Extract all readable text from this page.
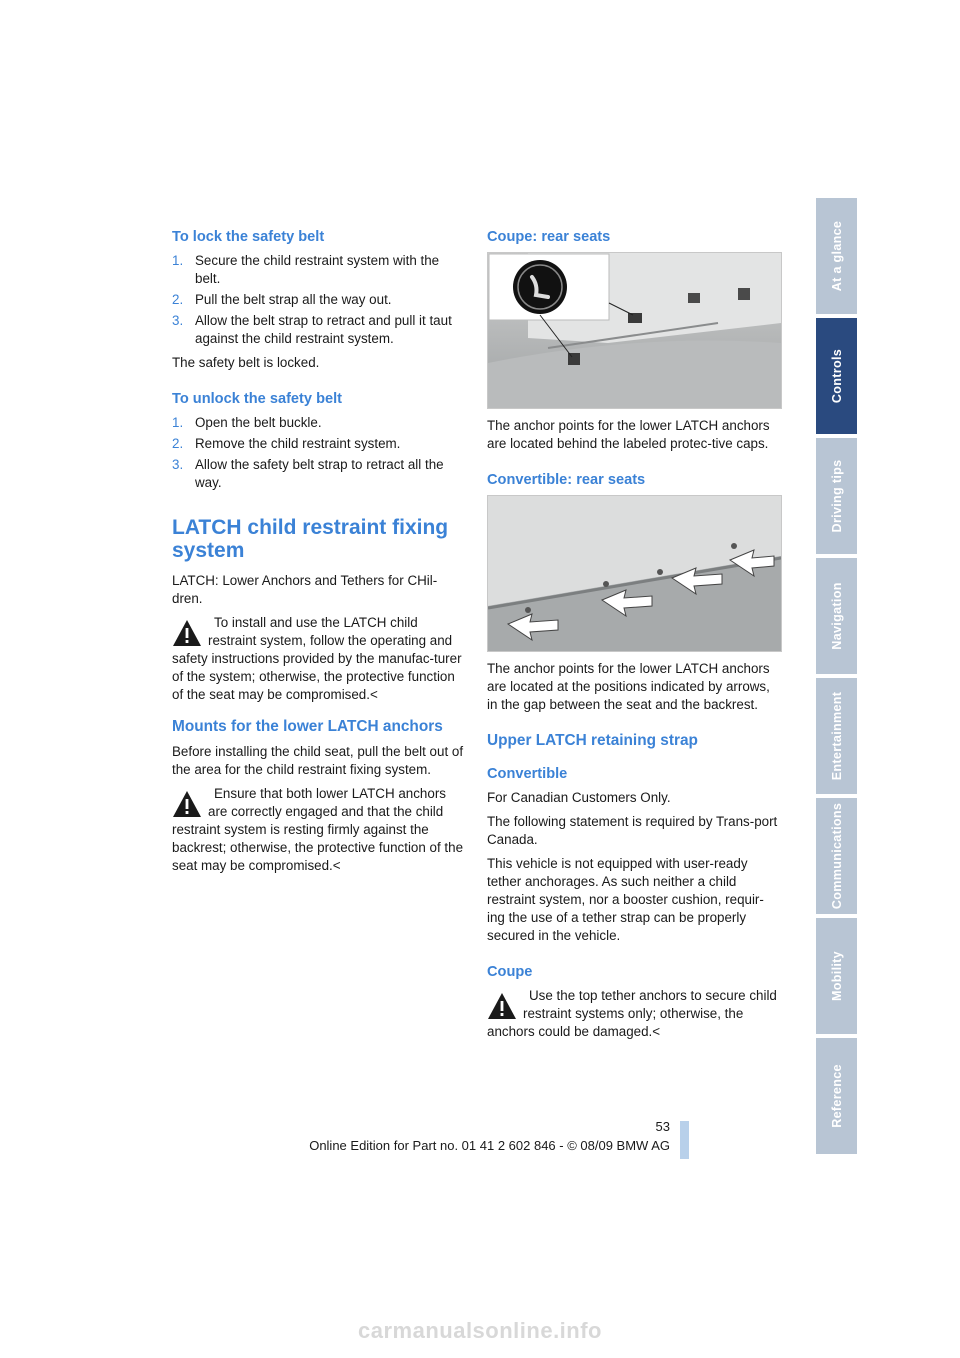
To lock the safety belt
1. Secure the child restraint system with the belt.
2. Pull the belt strap all the way out.
3. Allow the belt strap to retract and pull it taut against the child restraint system.

The safety belt is locked.

To unlock the safety belt
1. Open the belt buckle.
2. Remove the child restraint system.
3. Allow the safety belt strap to retract all the way.
LATCH child restraint fixing system

LATCH: Lower Anchors and Tethers for CHil-dren.

To install and use the LATCH child restraint system, follow the operating and safety instructions provided by the manufac-turer of the system; otherwise, the protective function of the seat may be compromised.<
Mounts for the lower LATCH anchors

Before installing the child seat, pull the belt out of the area for the child restraint fixing system.

Ensure that both lower LATCH anchors are correctly engaged and that the child restraint system is resting firmly against the backrest; otherwise, the protective function of the seat may be compromised.<
Coupe: rear seats

The anchor points for the lower LATCH anchors are located behind the labeled protec-tive caps.

Convertible: rear seats

The anchor points for the lower LATCH anchors are located at the positions indicated by arrows, in the gap between the seat and the backrest.

Upper LATCH retaining strap
Convertible

For Canadian Customers Only.

The following statement is required by Trans-port Canada.

This vehicle is not equipped with user-ready tether anchorages. As such neither a child restraint system, nor a booster cushion, requir-ing the use of a tether strap can be properly secured in the vehicle.

Coupe
Use the top tether anchors to secure child restraint systems only; otherwise, the anchors could be damaged.<
At a glance
Controls
Driving tips
Navigation
Entertainment
Communications
Mobility
Reference
53
Online Edition for Part no. 01 41 2 602 846 - © 08/09 BMW AG
carmanualsonline.info
